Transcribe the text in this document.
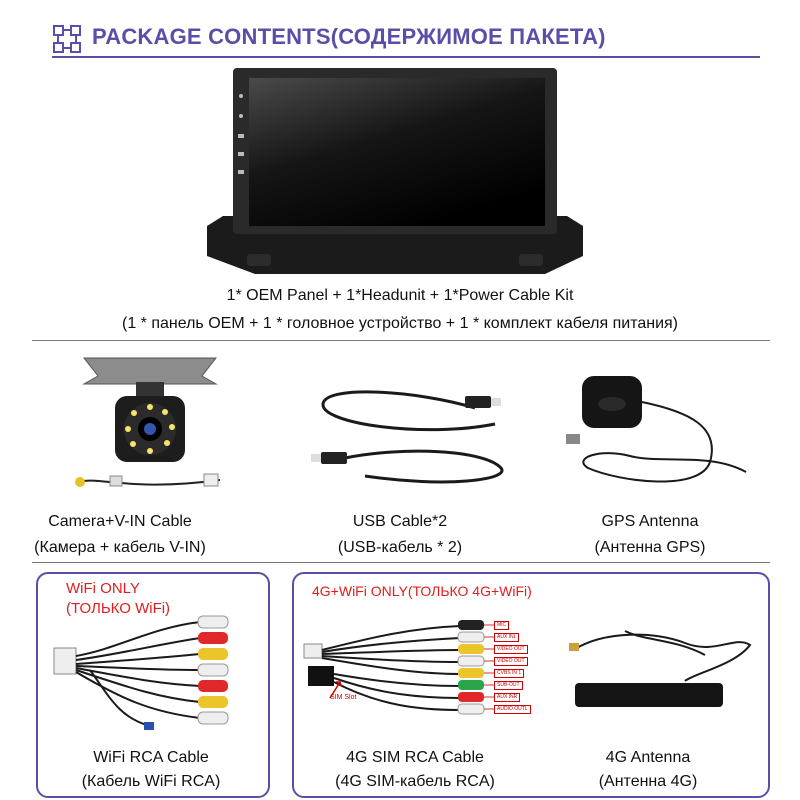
PACKAGE CONTENTS(СОДЕРЖИМОЕ ПАКЕТА)
1* OEM Panel + 1*Headunit + 1*Power Cable Kit
(1 * панель OEM + 1 * головное устройство + 1 * комплект кабеля питания)
Camera+V-IN Cable
(Камера + кабель V-IN)
USB Cable*2
(USB-кабель * 2)
GPS Antenna
(Антенна GPS)
WiFi ONLY
(ТОЛЬКО WiFi)
WiFi RCA Cable
(Кабель WiFi RCA)
4G+WiFi ONLY(ТОЛЬКО 4G+WiFi)
MIC
AUX INL
VIDEO OUT
VIDEO OUT
CVBS IN 1
SUB-OUT
AUX INR
AUDIO OUTL
SIM Slot
4G Antenna
(Антенна 4G)
4G SIM RCA Cable
(4G SIM-кабель RCA)
